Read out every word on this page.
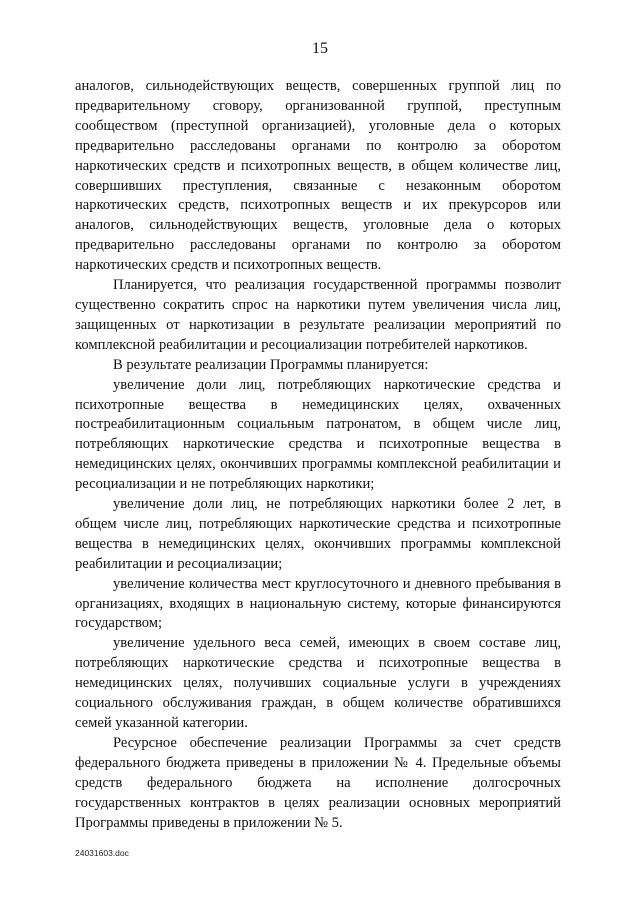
15

аналогов, сильнодействующих веществ, совершенных группой лиц по предварительному сговору, организованной группой, преступным сообществом (преступной организацией), уголовные дела о которых предварительно расследованы органами по контролю за оборотом наркотических средств и психотропных веществ, в общем количестве лиц, совершивших преступления, связанные с незаконным оборотом наркотических средств, психотропных веществ и их прекурсоров или аналогов, сильнодействующих веществ, уголовные дела о которых предварительно расследованы органами по контролю за оборотом наркотических средств и психотропных веществ.

Планируется, что реализация государственной программы позволит существенно сократить спрос на наркотики путем увеличения числа лиц, защищенных от наркотизации в результате реализации мероприятий по комплексной реабилитации и ресоциализации потребителей наркотиков.

В результате реализации Программы планируется:

увеличение доли лиц, потребляющих наркотические средства и психотропные вещества в немедицинских целях, охваченных постреабилитационным социальным патронатом, в общем числе лиц, потребляющих наркотические средства и психотропные вещества в немедицинских целях, окончивших программы комплексной реабилитации и ресоциализации и не потребляющих наркотики;

увеличение доли лиц, не потребляющих наркотики более 2 лет, в общем числе лиц, потребляющих наркотические средства и психотропные вещества в немедицинских целях, окончивших программы комплексной реабилитации и ресоциализации;

увеличение количества мест круглосуточного и дневного пребывания в организациях, входящих в национальную систему, которые финансируются государством;

увеличение удельного веса семей, имеющих в своем составе лиц, потребляющих наркотические средства и психотропные вещества в немедицинских целях, получивших социальные услуги в учреждениях социального обслуживания граждан, в общем количестве обратившихся семей указанной категории.

Ресурсное обеспечение реализации Программы за счет средств федерального бюджета приведены в приложении № 4. Предельные объемы средств федерального бюджета на исполнение долгосрочных государственных контрактов в целях реализации основных мероприятий Программы приведены в приложении № 5.

24031603.doc
